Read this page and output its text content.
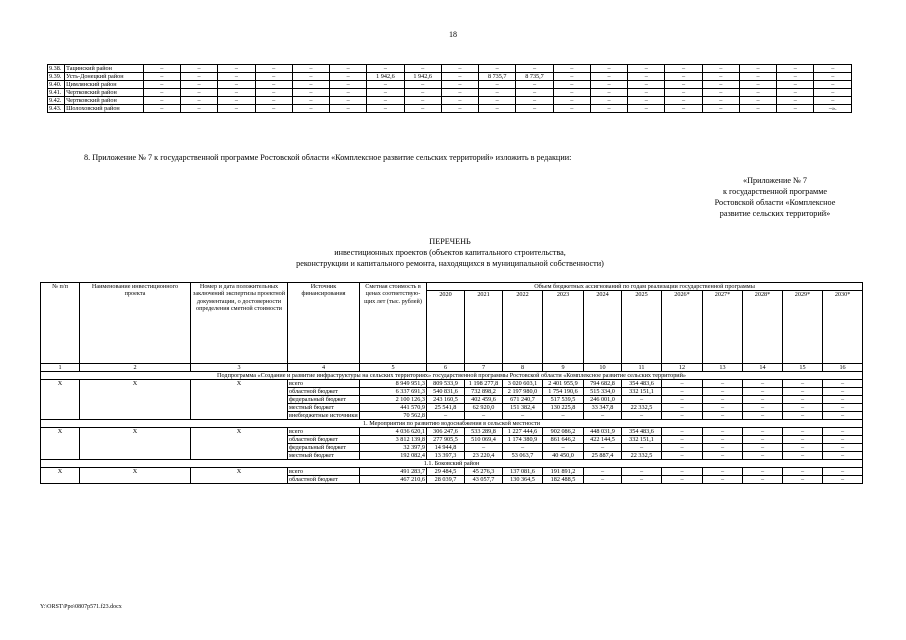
18
9.38.	Тацинский район	–	–	–	–	–	–	–	–	–	–	–	–	–	–	–	–	–	–	–
9.39.	Усть-Донецкий район	–	–	–	–	–	–	1 942,6	1 942,6	–	8 735,7	8 735,7	–	–	–	–	–	–	–	–
9.40.	Цимлянский район	–	–	–	–	–	–	–	–	–	–	–	–	–	–	–	–	–	–	–
9.41.	Чертковский район	–	–	–	–	–	–	–	–	–	–	–	–	–	–	–	–	–	–	–
9.42.	Чертковский район	–	–	–	–	–	–	–	–	–	–	–	–	–	–	–	–	–	–	–
9.43.	Шолоховский район	–	–	–	–	–	–	–	–	–	–	–	–	–	–	–	–	–	–	–».
8. Приложение № 7 к государственной программе Ростовской области «Комплексное развитие сельских территорий» изложить в редакции:
«Приложение № 7
к государственной программе
Ростовской области «Комплексное
развитие сельских территорий»
ПЕРЕЧЕНЬ
инвестиционных проектов (объектов капитального строительства,
реконструкции и капитального ремонта, находящихся в муниципальной собственности)
№ п/п	Наименование инвестиционного проекта	Номер и дата положительных заключений экспертизы проектной документации, о достоверности определения сметной стоимости	Источник финансирования	Сметная стоимость в ценах соответствую-щих лет (тыс. рублей)	Объем бюджетных ассигнований по годам реализации государственной программы										
					2020	2021	2022	2023	2024	2025	2026*	2027*	2028*	2029*	2030*
1	2	3	4	5	6	7	8	9	10	11	12	13	14	15	16
Подпрограмма «Создание и развитие инфраструктуры на сельских территориях» государственной программы Ростовской области «Комплексное развитие сельских территорий»															
X	X	X	всего	8 949 951,3	809 533,9	1 198 277,8	3 020 603,1	2 401 955,9	794 682,8	354 483,6	–	–	–	–	–
			областной бюджет	6 337 691,3	540 831,6	732 898,2	2 197 980,0	1 754 190,6	515 334,0	332 151,1	–	–	–	–	–
			федеральный бюджет	2 100 126,3	243 160,5	402 459,6	671 240,7	517 539,5	246 001,0	–	–	–	–	–	–
			местный бюджет	441 570,9	25 541,8	62 920,0	151 382,4	130 225,8	33 347,8	22 332,5	–	–	–	–	–
			внебюджетные источники	70 562,8	–	–	–	–	–	–	–	–	–	–	–
1. Мероприятия по развитию водоснабжения в сельской местности															
X	X	X	всего	4 036 620,1	306 247,6	533 289,8	1 227 444,6	902 086,2	448 031,9	354 483,6	–	–	–	–	–
			областной бюджет	3 812 139,8	277 905,5	510 069,4	1 174 380,9	861 646,2	422 144,5	332 151,1	–	–	–	–	–
			федеральный бюджет	32 397,9	14 944,8	–	–	–	–	–	–	–	–	–	–
			местный бюджет	192 082,4	13 397,3	23 220,4	53 063,7	40 450,0	25 887,4	22 332,5	–	–	–	–	–
1.1. Боковский район															
X	X	X	всего	491 283,7	29 484,5	45 276,3	137 081,6	191 891,2	–	–	–	–	–	–	–
			областной бюджет	467 210,6	28 039,7	43 057,7	130 364,5	182 488,5	–	–	–	–	–	–	–
Y:\ORST\Ppo\0807p571.f23.docx
